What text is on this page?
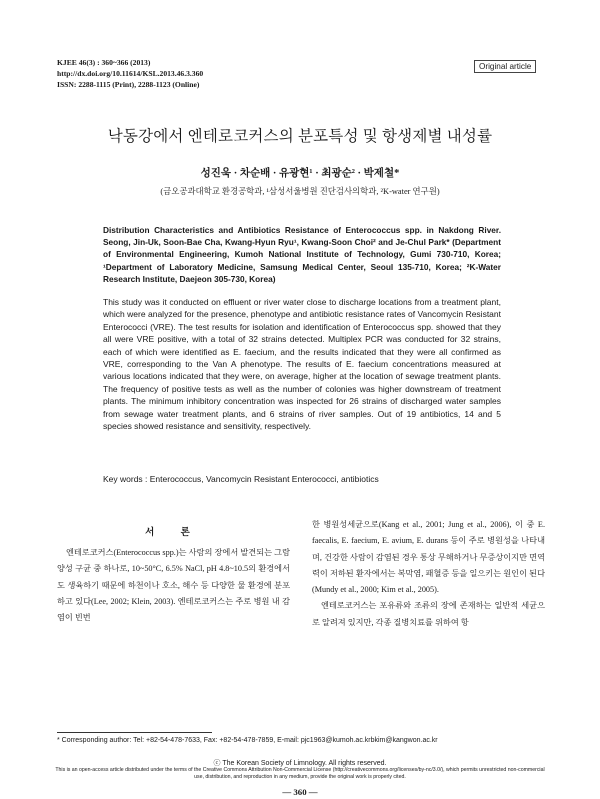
KJEE 46(3) : 360~366 (2013)
http://dx.doi.org/10.11614/KSL.2013.46.3.360
ISSN: 2288-1115 (Print), 2288-1123 (Online)
Original article
낙동강에서 엔테로코커스의 분포특성 및 항생제별 내성률
성진욱 · 차순배 · 유광현¹ · 최광순² · 박제철*
(금오공과대학교 환경공학과, ¹삼성서울병원 진단검사의학과, ²K-water 연구원)
Distribution Characteristics and Antibiotics Resistance of Enterococcus spp. in Nakdong River. Seong, Jin-Uk, Soon-Bae Cha, Kwang-Hyun Ryu¹, Kwang-Soon Choi² and Je-Chul Park* (Department of Environmental Engineering, Kumoh National Institute of Technology, Gumi 730-710, Korea; ¹Department of Laboratory Medicine, Samsung Medical Center, Seoul 135-710, Korea; ²K-Water Research Institute, Daejeon 305-730, Korea)
This study was it conducted on effluent or river water close to discharge locations from a treatment plant, which were analyzed for the presence, phenotype and antibiotic resistance rates of Vancomycin Resistant Enterococci (VRE). The test results for isolation and identification of Enterococcus spp. showed that they all were VRE positive, with a total of 32 strains detected. Multiplex PCR was conducted for 32 strains, each of which were identified as E. faecium, and the results indicated that they were all confirmed as VRE, corresponding to the Van A phenotype. The results of E. faecium concentrations measured at various locations indicated that they were, on average, higher at the location of sewage treatment plants. The frequency of positive tests as well as the number of colonies was higher downstream of treatment plants. The minimum inhibitory concentration was inspected for 26 strains of discharged water samples from sewage water treatment plants, and 6 strains of river samples. Out of 19 antibiotics, 14 and 5 species showed resistance and sensitivity, respectively.
Key words : Enterococcus, Vancomycin Resistant Enterococci, antibiotics
서 론
엔테로코커스(Enterococcus spp.)는 사람의 장에서 발견되는 그람양성 구균 중 하나로, 10~50°C, 6.5% NaCl, pH 4.8~10.5의 환경에서도 생육하기 때문에 하천이나 호소, 해수 등 다양한 물 환경에 분포하고 있다(Lee, 2002; Klein, 2003). 엔테로코커스는 주로 병원 내 감염이 빈번
한 병원성세균으로(Kang et al., 2001; Jung et al., 2006), 이 중 E. faecalis, E. faecium, E. avium, E. durans 등이 주로 병원성을 나타내며, 건강한 사람이 감염된 경우 통상 무해하거나 무증상이지만 면역력이 저하된 환자에서는 복막염, 패혈증 등을 일으키는 원인이 된다(Mundy et al., 2000; Kim et al., 2005).
엔테로코커스는 포유류와 조류의 장에 존재하는 일반적 세균으로 알려져 있지만, 각종 질병치료를 위하여 항
* Corresponding author: Tel: +82-54-478-7633, Fax: +82-54-478-7859, E-mail: pjc1963@kumoh.ac.krbkim@kangwon.ac.kr
ⓒ The Korean Society of Limnology. All rights reserved.
This is an open-access article distributed under the terms of the Creative Commons Attribution Non-Commercial License (http://creativecommons.org/licenses/by-nc/3.0/), which permits unrestricted non-commercial use, distribution, and reproduction in any medium, provide the original work is properly cited.
— 360 —
